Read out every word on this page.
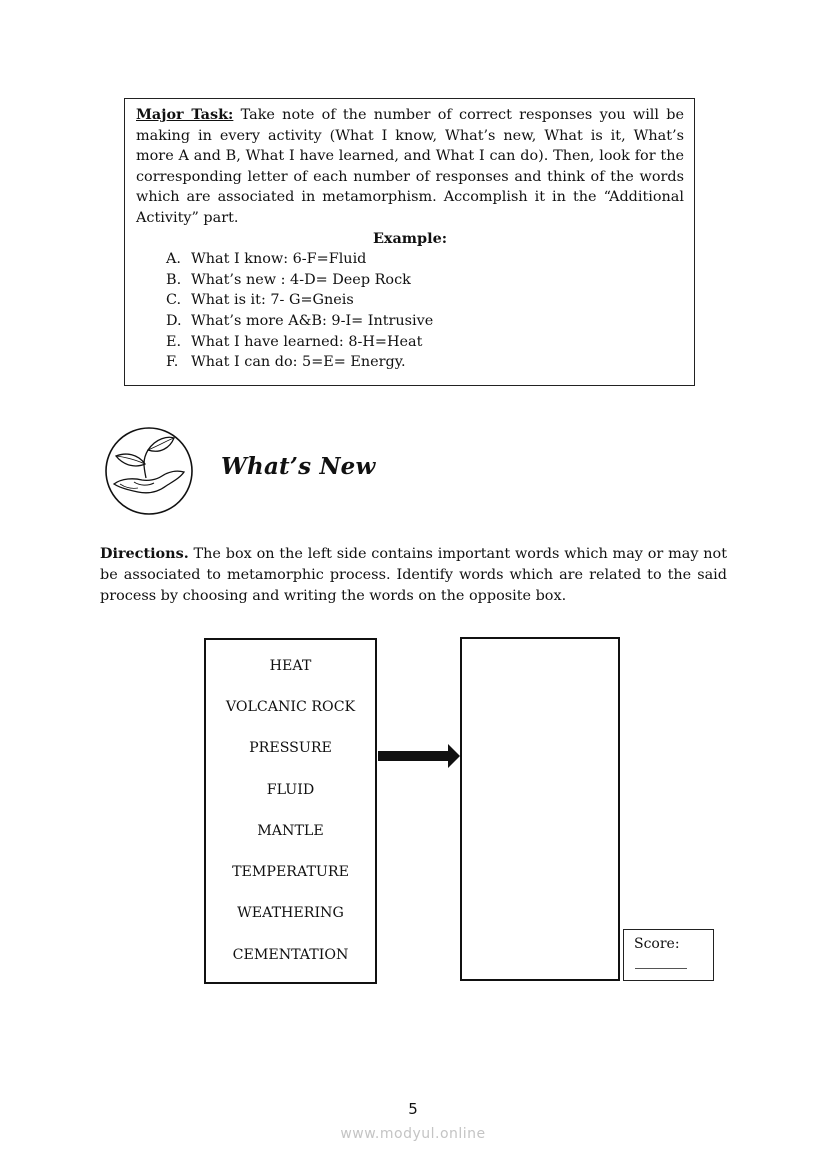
Major Task: Take note of the number of correct responses you will be making in every activity (What I know, What’s new, What is it, What’s more A and B, What I have learned, and What I can do). Then, look for the corresponding letter of each number of responses and think of the words which are associated in metamorphism. Accomplish it in the “Additional Activity” part.

Example:

A. What I know: 6-F=Fluid
B. What’s new : 4-D= Deep Rock
C. What is it: 7- G=Gneis
D. What’s more A&B: 9-I= Intrusive
E. What I have learned: 8-H=Heat
F. What I can do: 5=E= Energy.
What’s New

Directions. The box on the left side contains important words which may or may not be associated to metamorphic process. Identify words which are related to the said process by choosing and writing the words on the opposite box.

HEAT
VOLCANIC ROCK
PRESSURE
FLUID
MANTLE
TEMPERATURE
WEATHERING
CEMENTATION
Score:
5
www.modyul.online
